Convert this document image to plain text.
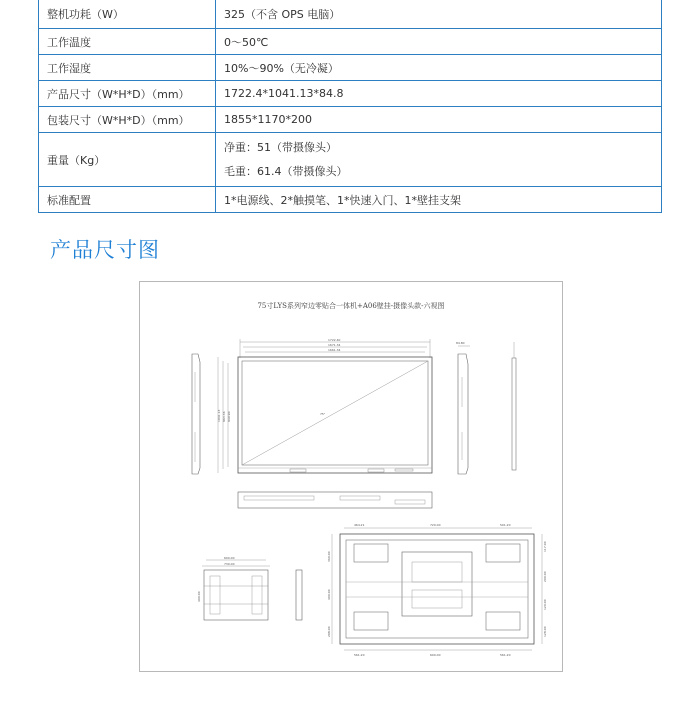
整机功耗（W）	325（不含 OPS 电脑）
工作温度	0～50℃
工作湿度	10%～90%（无冷凝）
产品尺寸（W*H*D）（mm）	1722.4*1041.13*84.8
包装尺寸（W*H*D）（mm）	1855*1170*200
重量（Kg）	净重：51（带摄像头）
毛重：61.4（带摄像头）

标准配置	1*电源线、2*触摸笔、1*快速入门、1*壁挂支架
产品尺寸图
75寸LYS系列窄边零贴合一体机+A06壁挂-摄像头款-六视图
1722.40
1671.34
1661.34
75"
1041.13 963.36 940.90
84.80
600.00
730.00
400.00
464.21	720.00	501.20
561.20	600.00	561.20
360.00
400.00
298.00
117.00
200.00
120.00
128.00
